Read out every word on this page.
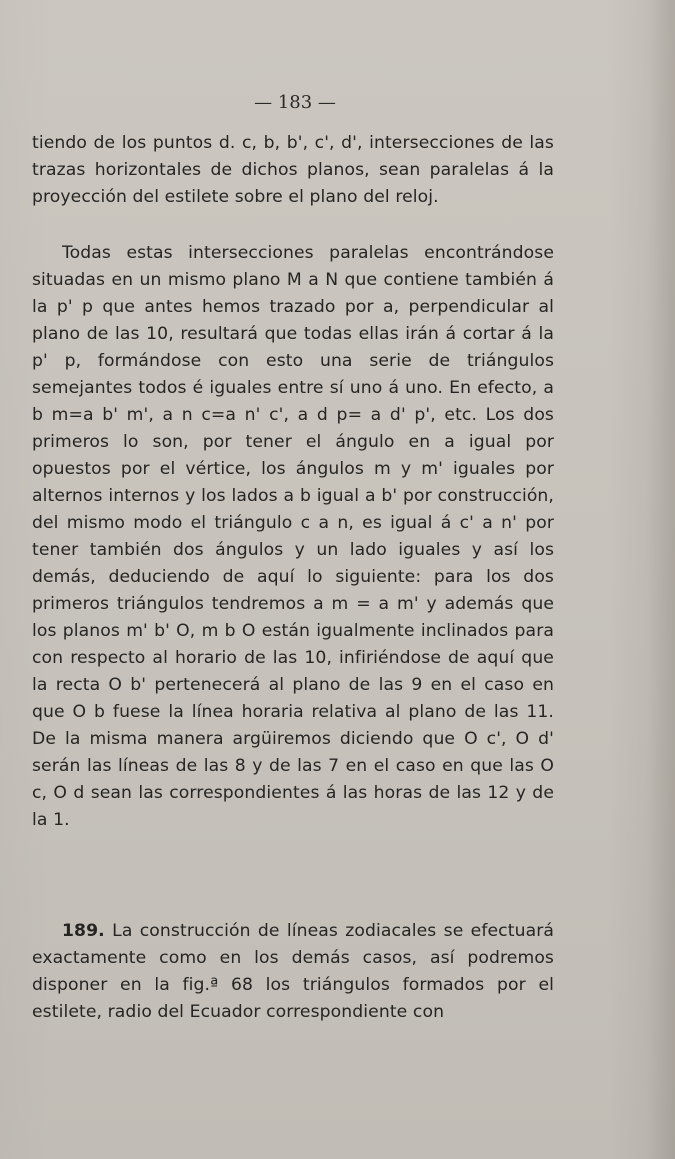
— 183 —

tiendo de los puntos d. c, b, b', c', d', intersecciones de las trazas horizontales de dichos planos, sean paralelas á la proyección del estilete sobre el plano del reloj.

Todas estas intersecciones paralelas encontrándose situadas en un mismo plano M a N que contiene también á la p' p que antes hemos trazado por a, perpendicular al plano de las 10, resultará que todas ellas irán á cortar á la p' p, formándose con esto una serie de triángulos semejantes todos é iguales entre sí uno á uno. En efecto, a b m=a b' m', a n c=a n' c', a d p= a d' p', etc. Los dos primeros lo son, por tener el ángulo en a igual por opuestos por el vértice, los ángulos m y m' iguales por alternos internos y los lados a b igual a b' por construcción, del mismo modo el triángulo c a n, es igual á c' a n' por tener también dos ángulos y un lado iguales y así los demás, deduciendo de aquí lo siguiente: para los dos primeros triángulos tendremos a m = a m' y además que los planos m' b' O, m b O están igualmente inclinados para con respecto al horario de las 10, infiriéndose de aquí que la recta O b' pertenecerá al plano de las 9 en el caso en que O b fuese la línea horaria relativa al plano de las 11. De la misma manera argüiremos diciendo que O c', O d' serán las líneas de las 8 y de las 7 en el caso en que las O c, O d sean las correspondientes á las horas de las 12 y de la 1.

189. La construcción de líneas zodiacales se efectuará exactamente como en los demás casos, así podremos disponer en la fig.ª 68 los triángulos formados por el estilete, radio del Ecuador correspondiente con
